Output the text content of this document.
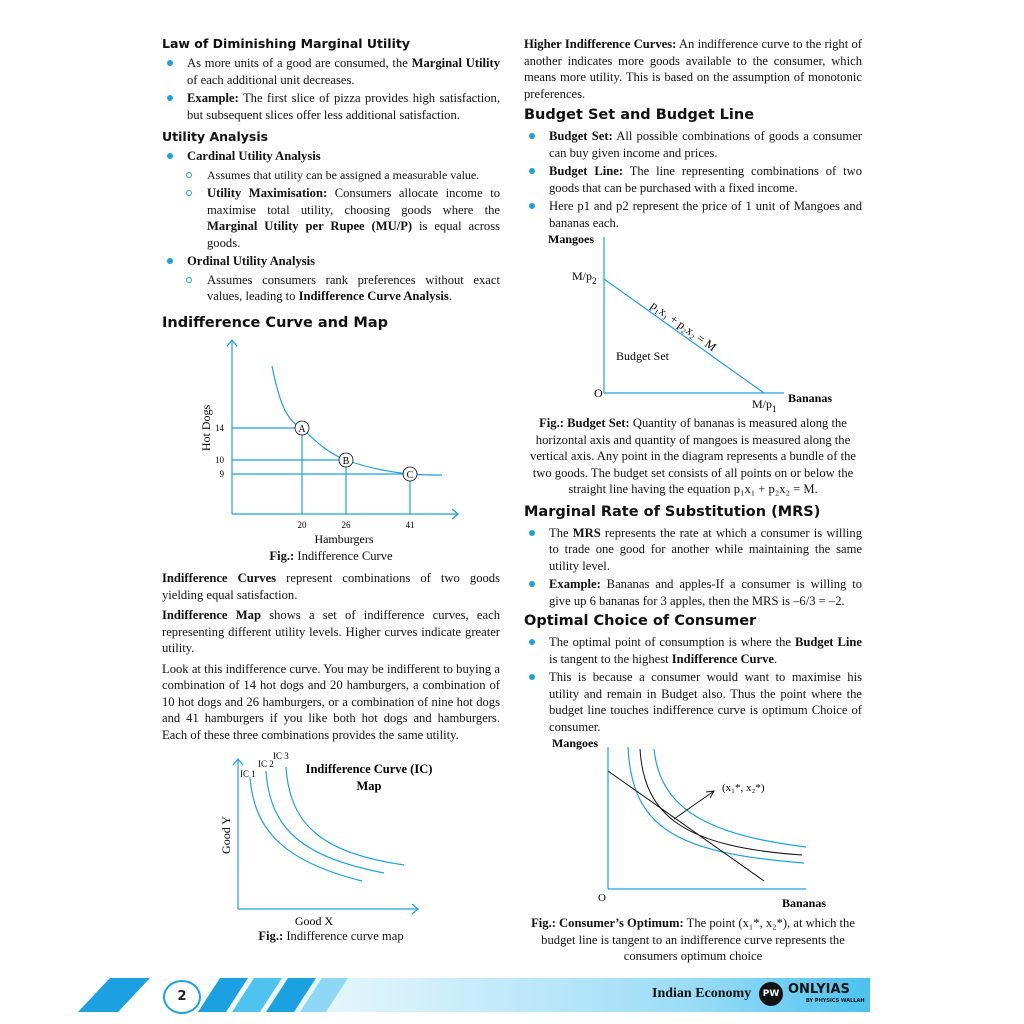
Law of Diminishing Marginal Utility
As more units of a good are consumed, the Marginal Utility of each additional unit decreases.
Example: The first slice of pizza provides high satisfaction, but subsequent slices offer less additional satisfaction.
Utility Analysis
Cardinal Utility Analysis
Assumes that utility can be assigned a measurable value.
Utility Maximisation: Consumers allocate income to maximise total utility, choosing goods where the Marginal Utility per Rupee (MU/P) is equal across goods.
Ordinal Utility Analysis
Assumes consumers rank preferences without exact values, leading to Indifference Curve Analysis.
Indifference Curve and Map
A
B
C
14
10
9
20	26	41
Hamburgers
Hot Dogs
Fig.: Indifference Curve

Indifference Curves represent combinations of two goods yielding equal satisfaction.

Indifference Map shows a set of indifference curves, each representing different utility levels. Higher curves indicate greater utility.

Look at this indifference curve. You may be indifferent to buying a combination of 14 hot dogs and 20 hamburgers, a combination of 10 hot dogs and 26 hamburgers, or a combination of nine hot dogs and 41 hamburgers if you like both hot dogs and hamburgers. Each of these three combinations provides the same utility.

IC 1
IC 2
IC 3
Indifference Curve (IC)
Map
Good Y
Good X
Fig.: Indifference curve map

Higher Indifference Curves: An indifference curve to the right of another indicates more goods available to the consumer, which means more utility. This is based on the assumption of monotonic preferences.

Budget Set and Budget Line
Budget Set: All possible combinations of goods a consumer can buy given income and prices.
Budget Line: The line representing combinations of two goods that can be purchased with a fixed income.
Here p1 and p2 represent the price of 1 unit of Mangoes and bananas each.
Mangoes
Bananas
O
$M/p_2$
$M/p_1$
p₁x₁ + p₂x₂ = M
Budget Set
Fig.: Budget Set: Quantity of bananas is measured along the horizontal axis and quantity of mangoes is measured along the vertical axis. Any point in the diagram represents a bundle of the two goods. The budget set consists of all points on or below the straight line having the equation p₁x₁ + p₂x₂ = M.
Marginal Rate of Substitution (MRS)
The MRS represents the rate at which a consumer is willing to trade one good for another while maintaining the same utility level.
Example: Bananas and apples-If a consumer is willing to give up 6 bananas for 3 apples, then the MRS is –6/3 = –2.
Optimal Choice of Consumer
The optimal point of consumption is where the Budget Line is tangent to the highest Indifference Curve.
This is because a consumer would want to maximise his utility and remain in Budget also. Thus the point where the budget line touches indifference curve is optimum Choice of consumer.
Mangoes
Bananas
O
(x₁*, x₂*)
Fig.: Consumer’s Optimum: The point (x₁*, x₂*), at which the budget line is tangent to an indifference curve represents the consumers optimum choice
2	Indian Economy	PW ONLYIAS
BY PHYSICS WALLAH
